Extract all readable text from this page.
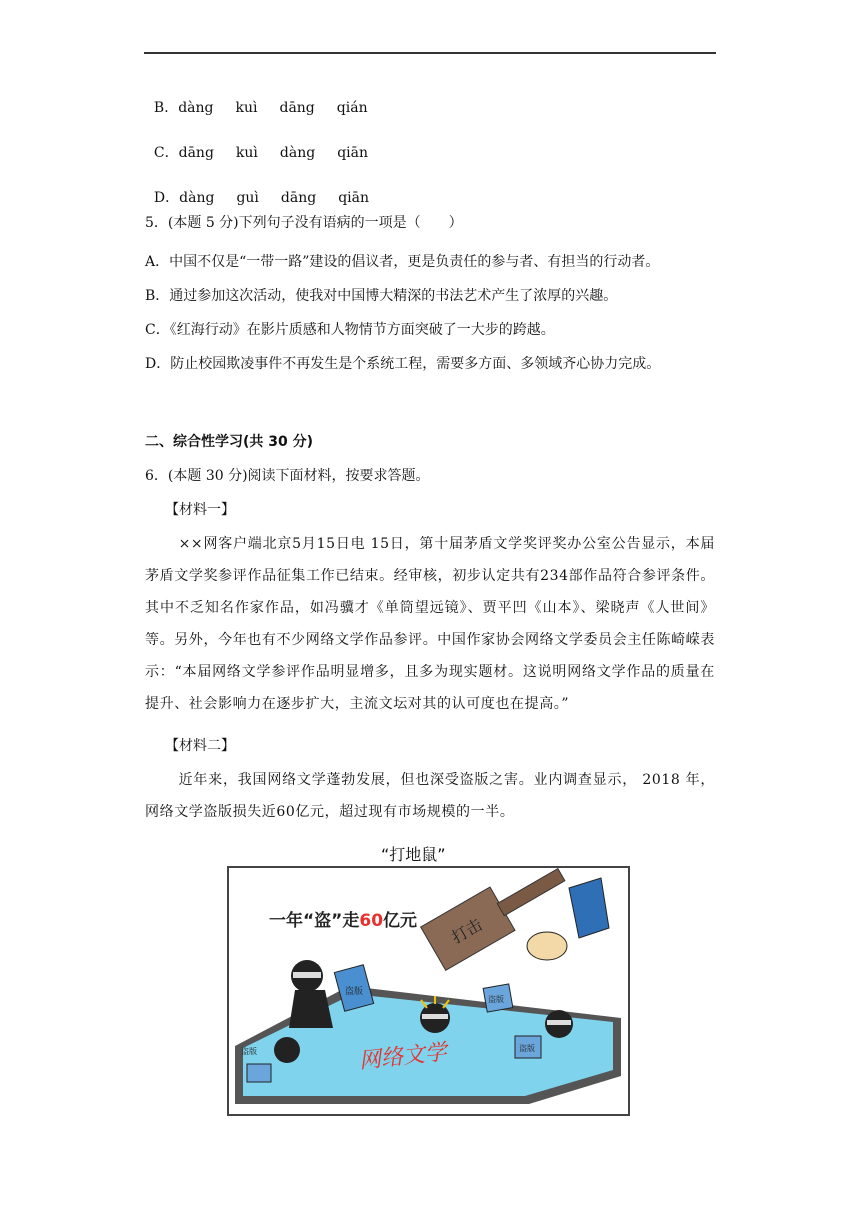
B．dàng kuì dāng qián

C．dāng kuì dàng qiān

D．dàng guì dāng qiān

5．(本题 5 分)下列句子没有语病的一项是（　　）
A．中国不仅是“一带一路”建设的倡议者，更是负责任的参与者、有担当的行动者。
B．通过参加这次活动，使我对中国博大精深的书法艺术产生了浓厚的兴趣。
C．《红海行动》在影片质感和人物情节方面突破了一大步的跨越。
D．防止校园欺凌事件不再发生是个系统工程，需要多方面、多领域齐心协力完成。
二、综合性学习(共 30 分)
6．(本题 30 分)阅读下面材料，按要求答题。
【材料一】
××网客户端北京5月15日电 15日，第十届茅盾文学奖评奖办公室公告显示，本届茅盾文学奖参评作品征集工作已结束。经审核，初步认定共有234部作品符合参评条件。其中不乏知名作家作品，如冯骥才《单筒望远镜》、贾平凹《山本》、梁晓声《人世间》等。另外，今年也有不少网络文学作品参评。中国作家协会网络文学委员会主任陈崎嵘表示：“本届网络文学参评作品明显增多，且多为现实题材。这说明网络文学作品的质量在提升、社会影响力在逐步扩大，主流文坛对其的认可度也在提高。”
【材料二】
近年来，我国网络文学蓬勃发展，但也深受盗版之害。业内调查显示， 2018 年，网络文学盗版损失近60亿元，超过现有市场规模的一半。
“打地鼠”
一年“盗”走60亿元
网络文学
打击
盗版
盗版
盗版
盗版
